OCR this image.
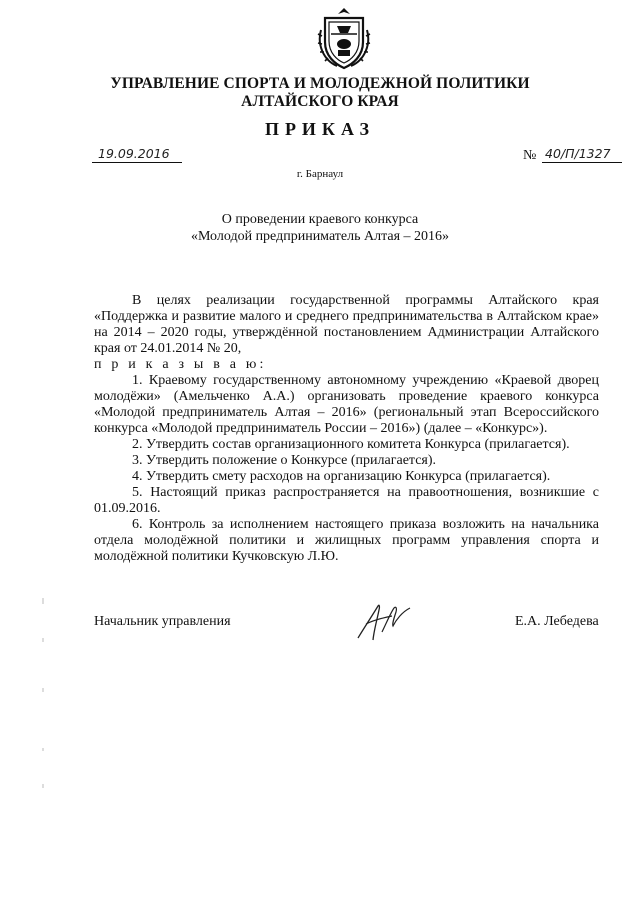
УПРАВЛЕНИЕ СПОРТА И МОЛОДЕЖНОЙ ПОЛИТИКИ
АЛТАЙСКОГО КРАЯ
ПРИКАЗ
19.09.2016	№ 40/П/1327
г. Барнаул
О проведении краевого конкурса
«Молодой предприниматель Алтая – 2016»

В целях реализации государственной программы Алтайского края «Поддержка и развитие малого и среднего предпринимательства в Алтайском крае» на 2014 – 2020 годы, утверждённой постановлением Администрации Алтайского края от 24.01.2014 № 20,

п р и к а з ы в а ю:

1. Краевому государственному автономному учреждению «Краевой дворец молодёжи» (Амельченко А.А.) организовать проведение краевого конкурса «Молодой предприниматель Алтая – 2016» (региональный этап Всероссийского конкурса «Молодой предприниматель России – 2016») (далее – «Конкурс»).

2. Утвердить состав организационного комитета Конкурса (прилагается).

3. Утвердить положение о Конкурсе (прилагается).

4. Утвердить смету расходов на организацию Конкурса (прилагается).

5. Настоящий приказ распространяется на правоотношения, возникшие с 01.09.2016.

6. Контроль за исполнением настоящего приказа возложить на начальника отдела молодёжной политики и жилищных программ управления спорта и молодёжной политики Кучковскую Л.Ю.

Начальник управления	Е.А. Лебедева
